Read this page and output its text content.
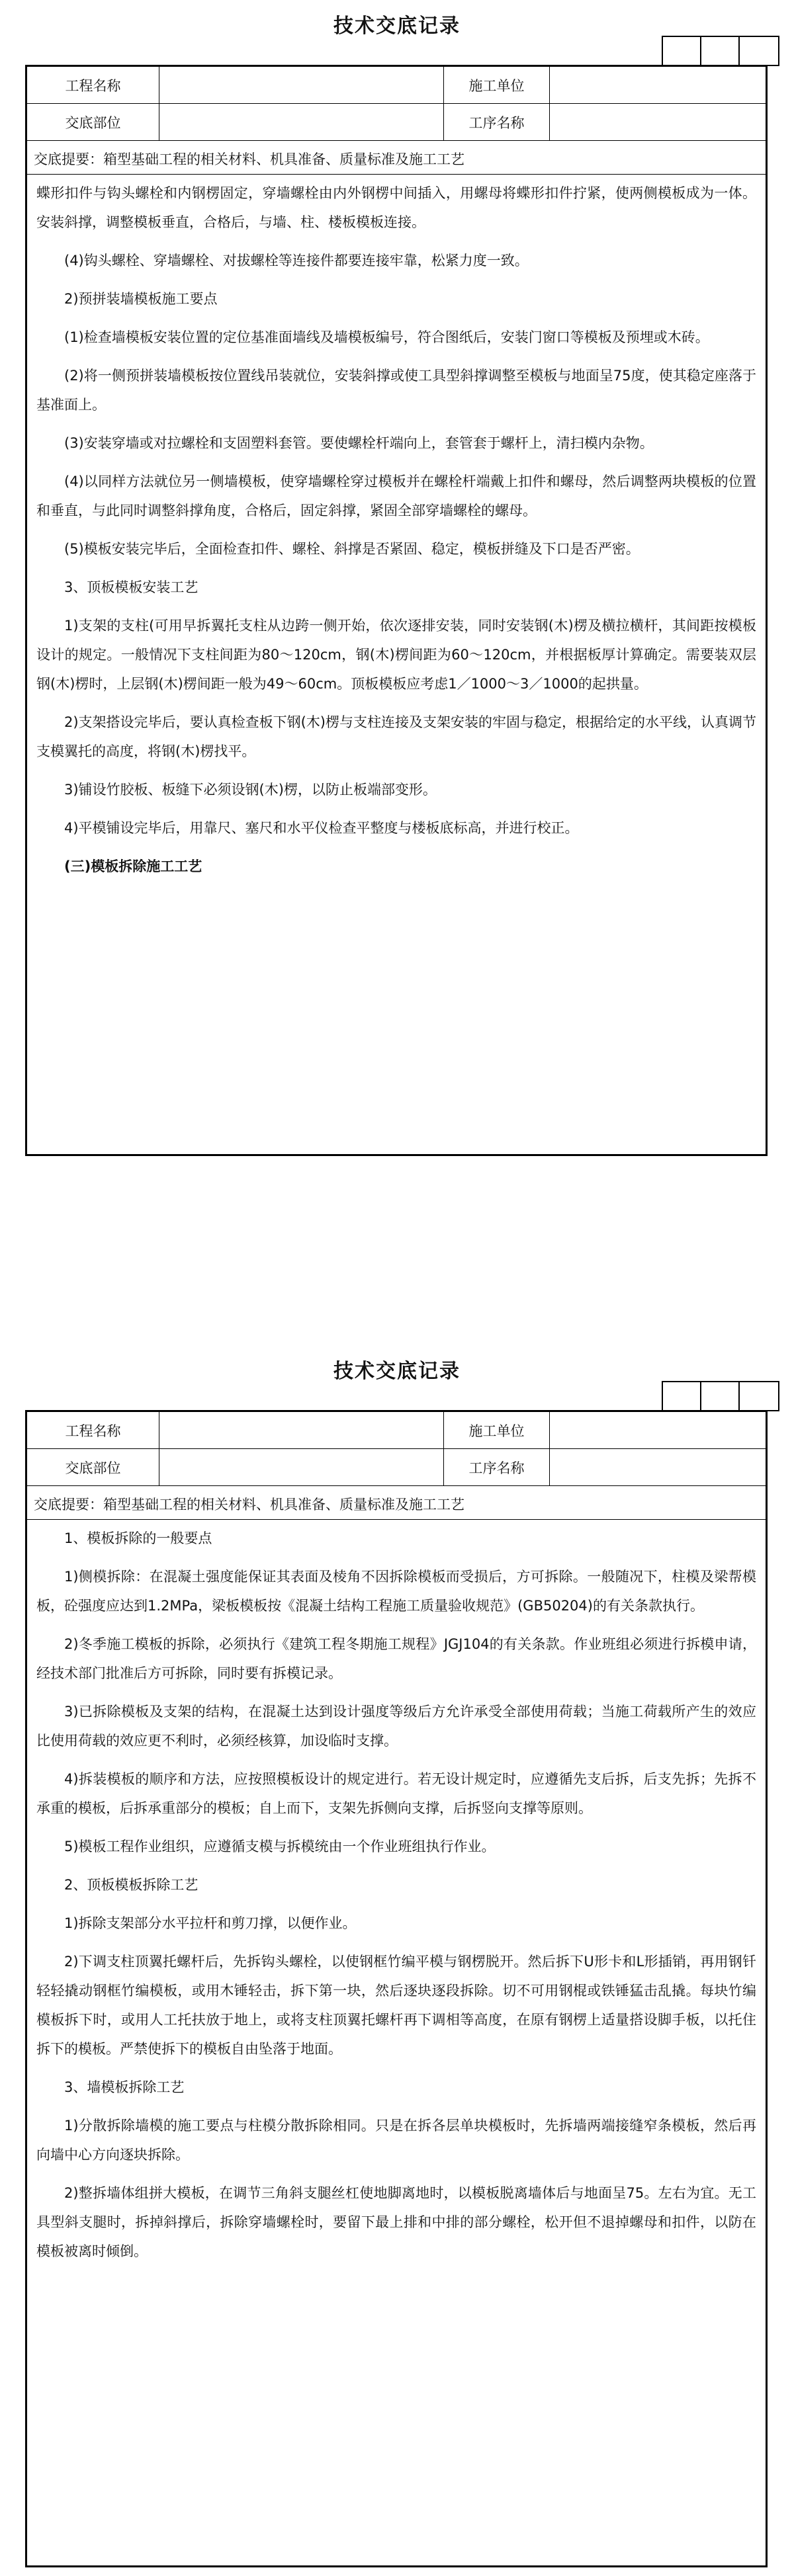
技术交底记录
工程名称	施工单位
交底部位	工序名称
交底提要：箱型基础工程的相关材料、机具准备、质量标准及施工工艺

蝶形扣件与钩头螺栓和内钢楞固定，穿墙螺栓由内外钢楞中间插入，用螺母将蝶形扣件拧紧，使两侧模板成为一体。安装斜撑，调整模板垂直，合格后，与墙、柱、楼板模板连接。

(4)钩头螺栓、穿墙螺栓、对拔螺栓等连接件都要连接牢靠，松紧力度一致。

2)预拼装墙模板施工要点

(1)检查墙模板安装位置的定位基准面墙线及墙模板编号，符合图纸后，安装门窗口等模板及预埋或木砖。

(2)将一侧预拼装墙模板按位置线吊装就位，安装斜撑或使工具型斜撑调整至模板与地面呈75度，使其稳定座落于基准面上。

(3)安装穿墙或对拉螺栓和支固塑料套管。要使螺栓杆端向上，套管套于螺杆上，清扫模内杂物。

(4)以同样方法就位另一侧墙模板，使穿墙螺栓穿过模板并在螺栓杆端戴上扣件和螺母，然后调整两块模板的位置和垂直，与此同时调整斜撑角度，合格后，固定斜撑，紧固全部穿墙螺栓的螺母。

(5)模板安装完毕后，全面检查扣件、螺栓、斜撑是否紧固、稳定，模板拼缝及下口是否严密。

3、顶板模板安装工艺

1)支架的支柱(可用早拆翼托支柱从边跨一侧开始，依次逐排安装，同时安装钢(木)楞及横拉横杆，其间距按模板设计的规定。一般情况下支柱间距为80～120cm，钢(木)楞间距为60～120cm，并根据板厚计算确定。需要装双层钢(木)楞时，上层钢(木)楞间距一般为49～60cm。顶板模板应考虑1／1000～3／1000的起拱量。

2)支架搭设完毕后，要认真检查板下钢(木)楞与支柱连接及支架安装的牢固与稳定，根据给定的水平线，认真调节支模翼托的高度，将钢(木)楞找平。

3)铺设竹胶板、板缝下必须设钢(木)楞，以防止板端部变形。

4)平模铺设完毕后，用靠尺、塞尺和水平仪检查平整度与楼板底标高，并进行校正。

(三)模板拆除施工工艺

技术交底记录
工程名称	施工单位
交底部位	工序名称
交底提要：箱型基础工程的相关材料、机具准备、质量标准及施工工艺

1、模板拆除的一般要点

1)侧模拆除：在混凝土强度能保证其表面及棱角不因拆除模板而受损后，方可拆除。一般随况下，柱模及梁帮模板，砼强度应达到1.2MPa，梁板模板按《混凝土结构工程施工质量验收规范》(GB50204)的有关条款执行。

2)冬季施工模板的拆除，必须执行《建筑工程冬期施工规程》JGJ104的有关条款。作业班组必须进行拆模申请，经技术部门批准后方可拆除，同时要有拆模记录。

3)已拆除模板及支架的结构，在混凝土达到设计强度等级后方允许承受全部使用荷载；当施工荷载所产生的效应比使用荷载的效应更不利时，必须经核算，加设临时支撑。

4)拆装模板的顺序和方法，应按照模板设计的规定进行。若无设计规定时，应遵循先支后拆，后支先拆；先拆不承重的模板，后拆承重部分的模板；自上而下，支架先拆侧向支撑，后拆竖向支撑等原则。

5)模板工程作业组织，应遵循支模与拆模统由一个作业班组执行作业。

2、顶板模板拆除工艺

1)拆除支架部分水平拉杆和剪刀撑，以便作业。

2)下调支柱顶翼托螺杆后，先拆钩头螺栓，以使钢框竹编平模与钢楞脱开。然后拆下U形卡和L形插销，再用钢钎轻轻撬动钢框竹编模板，或用木锤轻击，拆下第一块，然后逐块逐段拆除。切不可用钢棍或铁锤猛击乱撬。每块竹编模板拆下时，或用人工托扶放于地上，或将支柱顶翼托螺杆再下调相等高度，在原有钢楞上适量搭设脚手板，以托住拆下的模板。严禁使拆下的模板自由坠落于地面。

3、墙模板拆除工艺

1)分散拆除墙模的施工要点与柱模分散拆除相同。只是在拆各层单块模板时，先拆墙两端接缝窄条模板，然后再向墙中心方向逐块拆除。

2)整拆墙体组拼大模板，在调节三角斜支腿丝杠使地脚离地时，以模板脱离墙体后与地面呈75。左右为宜。无工具型斜支腿时，拆掉斜撑后，拆除穿墙螺栓时，要留下最上排和中排的部分螺栓，松开但不退掉螺母和扣件，以防在模板被离时倾倒。
